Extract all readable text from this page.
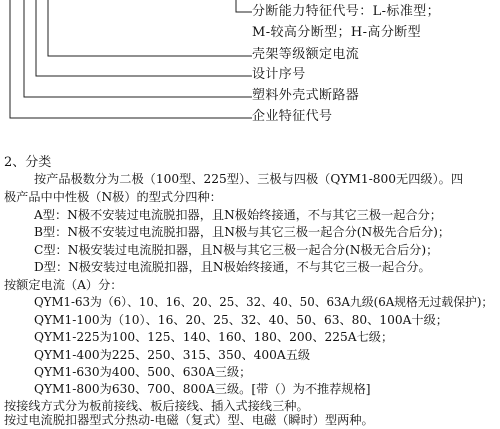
分断能力特征代号：L-标准型；
M-较高分断型；H-高分断型
壳架等级额定电流
设计序号
塑料外壳式断路器
企业特征代号
2、分类
按产品极数分为二极（100型、225型）、三极与四极（QYM1-800无四级）。四
极产品中中性极（N极）的型式分四种：
A型：N极不安装过电流脱扣器，且N极始终接通，不与其它三极一起合分；
B型：N极不安装过电流脱扣器，且N极与其它三极一起合分(N极先合后分)；
C型：N极安装过电流脱扣器，且N极与其它三极一起合分(N极无合后分)；
D型：N极安装过电流脱扣器，且N极始终接通，不与其它三极一起合分。
按额定电流（A）分：
QYM1-63为（6）、10、16、20、25、32、40、50、63A九级(6A规格无过载保护)；
QYM1-100为（10）、16、20、25、32、40、50、63、80、100A十级；
QYM1-225为100、125、140、160、180、200、225A七级；
QYM1-400为225、250、315、350、400A五级
QYM1-630为400、500、630A三级；
QYM1-800为630、700、800A三级。[带（）为不推荐规格]
按接线方式分为板前接线、板后接线、插入式接线三种。
按过电流脱扣器型式分热动-电磁（复式）型、电磁（瞬时）型两种。
